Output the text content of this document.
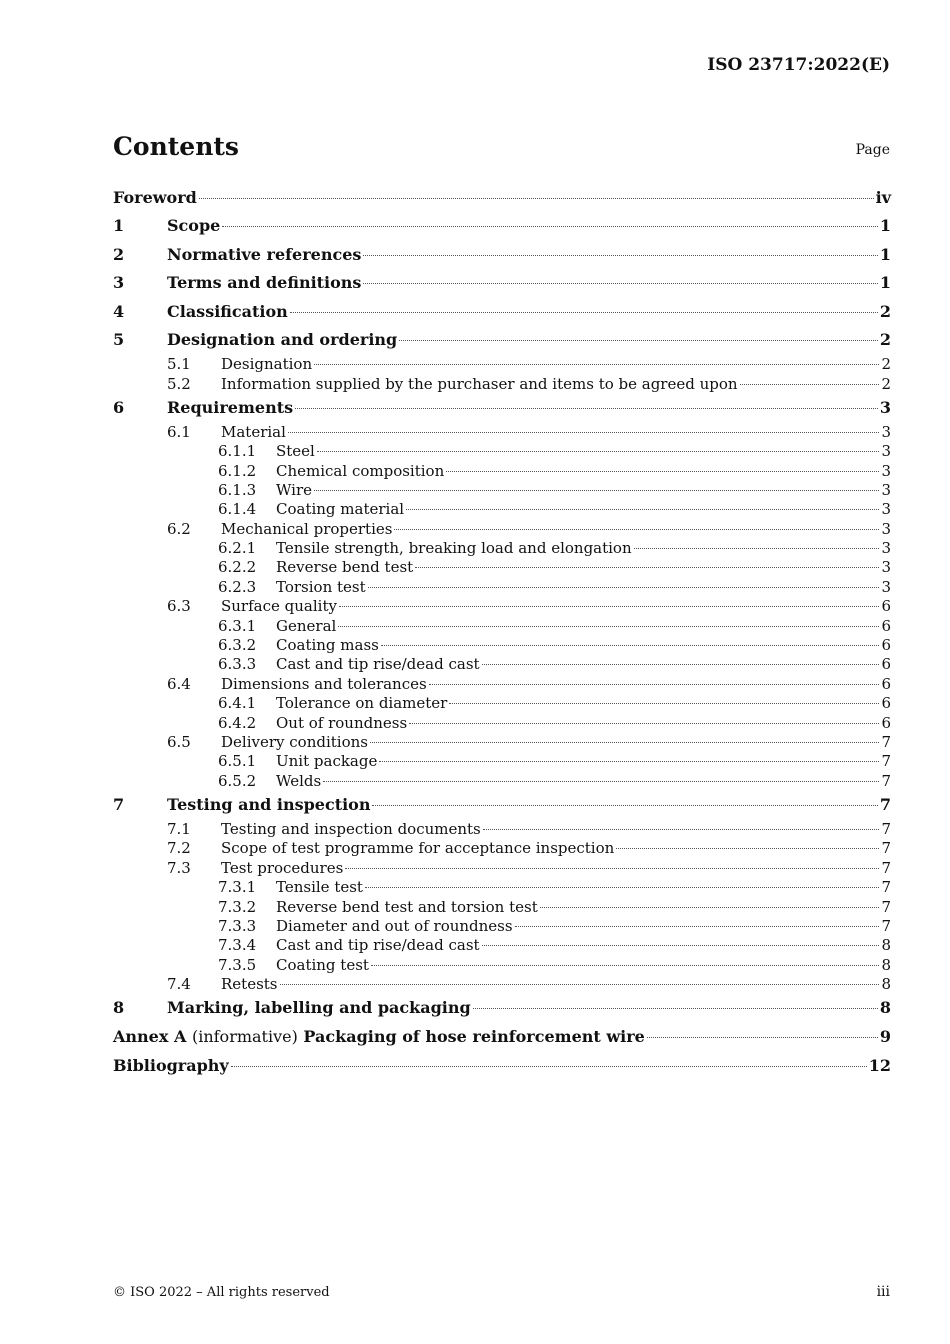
ISO 23717:2022(E)
Contents	Page
Foreword	iv
1	Scope	1
2	Normative references	1
3	Terms and definitions	1
4	Classification	2
5	Designation and ordering	2
5.1	Designation	2
5.2	Information supplied by the purchaser and items to be agreed upon	2
6	Requirements	3
6.1	Material	3
6.1.1	Steel	3
6.1.2	Chemical composition	3
6.1.3	Wire	3
6.1.4	Coating material	3
6.2	Mechanical properties	3
6.2.1	Tensile strength, breaking load and elongation	3
6.2.2	Reverse bend test	3
6.2.3	Torsion test	3
6.3	Surface quality	6
6.3.1	General	6
6.3.2	Coating mass	6
6.3.3	Cast and tip rise/dead cast	6
6.4	Dimensions and tolerances	6
6.4.1	Tolerance on diameter	6
6.4.2	Out of roundness	6
6.5	Delivery conditions	7
6.5.1	Unit package	7
6.5.2	Welds	7
7	Testing and inspection	7
7.1	Testing and inspection documents	7
7.2	Scope of test programme for acceptance inspection	7
7.3	Test procedures	7
7.3.1	Tensile test	7
7.3.2	Reverse bend test and torsion test	7
7.3.3	Diameter and out of roundness	7
7.3.4	Cast and tip rise/dead cast	8
7.3.5	Coating test	8
7.4	Retests	8
8	Marking, labelling and packaging	8
Annex A (informative) Packaging of hose reinforcement wire	9
Bibliography	12
© ISO 2022 – All rights reserved	iii
